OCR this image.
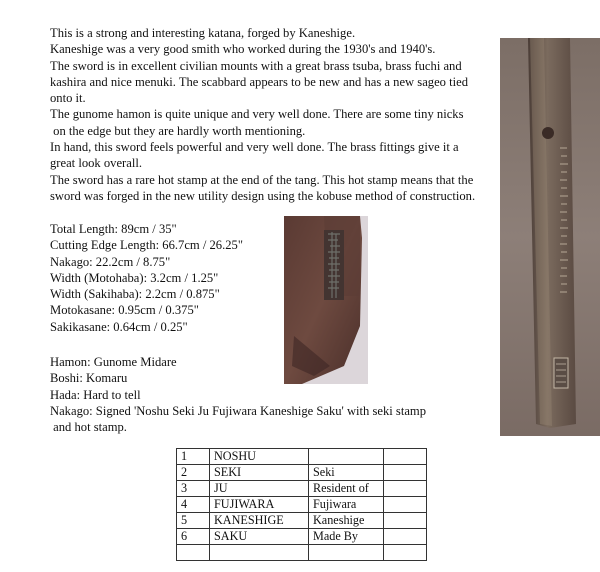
This is a strong and interesting katana, forged by Kaneshige.
Kaneshige was a very good smith who worked during the 1930's and 1940's.
The sword is in excellent civilian mounts with a great brass tsuba, brass fuchi and
kashira and nice menuki. The scabbard appears to be new and has a new sageo tied
onto it.
The gunome hamon is quite unique and very well done. There are some tiny nicks
on the edge but they are hardly worth mentioning.
In hand, this sword feels powerful and very well done. The brass fittings give it a
great look overall.
The sword has a rare hot stamp at the end of the tang. This hot stamp means that the
sword was forged in the new utility design using the kobuse method of construction.
Total Length: 89cm / 35"
Cutting Edge Length: 66.7cm / 26.25"
Nakago: 22.2cm / 8.75"
Width (Motohaba): 3.2cm / 1.25"
Width (Sakihaba): 2.2cm / 0.875"
Motokasane: 0.95cm / 0.375"
Sakikasane: 0.64cm / 0.25"
Hamon: Gunome Midare
Boshi: Komaru
Hada: Hard to tell
Nakago: Signed 'Noshu Seki Ju Fujiwara Kaneshige Saku' with seki stamp
and hot stamp.
1	NOSHU		
2	SEKI	Seki	
3	JU	Resident of	
4	FUJIWARA	Fujiwara	
5	KANESHIGE	Kaneshige	
6	SAKU	Made By	
